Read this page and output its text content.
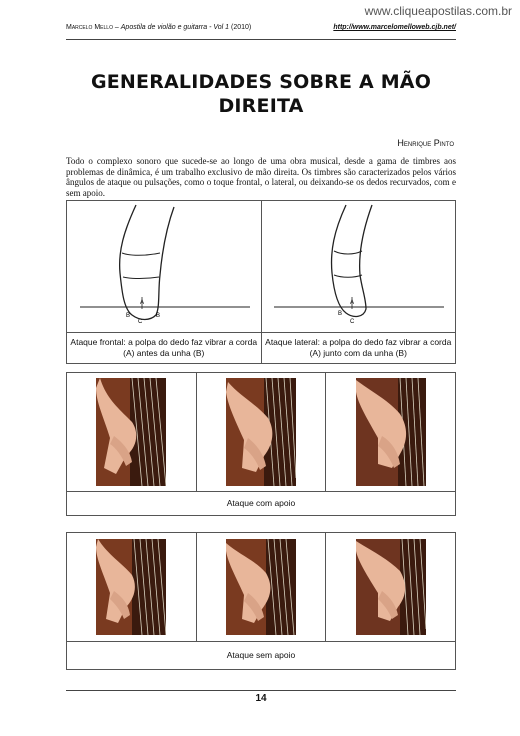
www.cliqueapostilas.com.br
Marcelo Mello – Apostila de violão e guitarra - Vol 1 (2010)	http://www.marcelomelloweb.cjb.net/
GENERALIDADES SOBRE A MÃO DIREITA
Henrique Pinto
Todo o complexo sonoro que sucede-se ao longo de uma obra musical, desde a gama de timbres aos problemas de dinâmica, é um trabalho exclusivo de mão direita. Os timbres são caracterizados pelos vários ângulos de ataque ou pulsações, como o toque frontal, o lateral, ou deixando-se os dedos recurvados, com e sem apoio.
A
B
C
B	A
B
C

Ataque frontal: a polpa do dedo faz vibrar a corda (A) antes da unha (B)	Ataque lateral: a polpa do dedo faz vibrar a corda (A) junto com da unha (B)

Ataque com apoio

Ataque sem apoio
14
